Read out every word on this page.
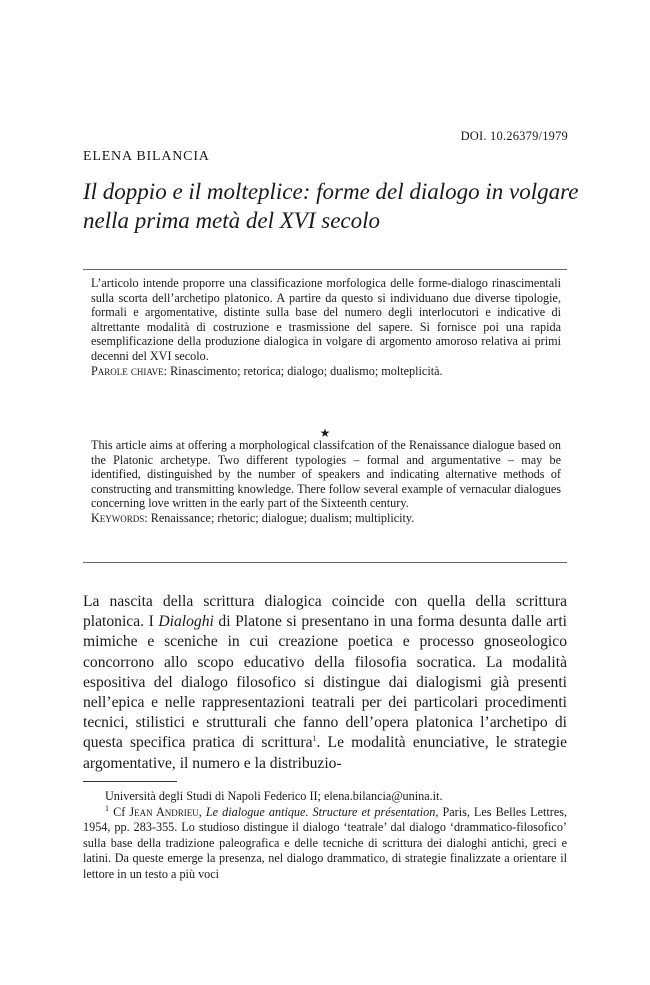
DOI. 10.26379/1979
ELENA BILANCIA
Il doppio e il molteplice: forme del dialogo in volgare nella prima metà del XVI secolo

L’articolo intende proporre una classificazione morfologica delle forme-dialogo rinascimentali sulla scorta dell’archetipo platonico. A partire da questo si individuano due diverse tipologie, formali e argomentative, distinte sulla base del numero degli interlocutori e indicative di altrettante modalità di costruzione e trasmissione del sapere. Si fornisce poi una rapida esemplificazione della produzione dialogica in volgare di argomento amoroso relativa ai primi decenni del XVI secolo.

Parole chiave: Rinascimento; retorica; dialogo; dualismo; molteplicità.

★

This article aims at offering a morphological classifcation of the Renaissance dialogue based on the Platonic archetype. Two different typologies – formal and argumentative – may be identified, distinguished by the number of speakers and indicating alternative methods of constructing and transmitting knowledge. There follow several example of vernacular dialogues concerning love written in the early part of the Sixteenth century.

Keywords: Renaissance; rhetoric; dialogue; dualism; multiplicity.

La nascita della scrittura dialogica coincide con quella della scrittura platonica. I Dialoghi di Platone si presentano in una forma desunta dalle arti mimiche e sceniche in cui creazione poetica e processo gnoseologico concorrono allo scopo educativo della filosofia socratica. La modalità espositiva del dialogo filosofico si distingue dai dialogismi già presenti nell’epica e nelle rappresentazioni teatrali per dei particolari procedimenti tecnici, stilistici e strutturali che fanno dell’opera platonica l’archetipo di questa specifica pratica di scrittura$^1$. Le modalità enunciative, le strategie argomentative, il numero e la distribuzio-

Università degli Studi di Napoli Federico II; elena.bilancia@unina.it.

$^1$ Cf Jean Andrieu, Le dialogue antique. Structure et présentation, Paris, Les Belles Lettres, 1954, pp. 283-355. Lo studioso distingue il dialogo ‘teatrale’ dal dialogo ‘drammatico-filosofico’ sulla base della tradizione paleografica e delle tecniche di scrittura dei dialoghi antichi, greci e latini. Da queste emerge la presenza, nel dialogo drammatico, di strategie finalizzate a orientare il lettore in un testo a più voci
